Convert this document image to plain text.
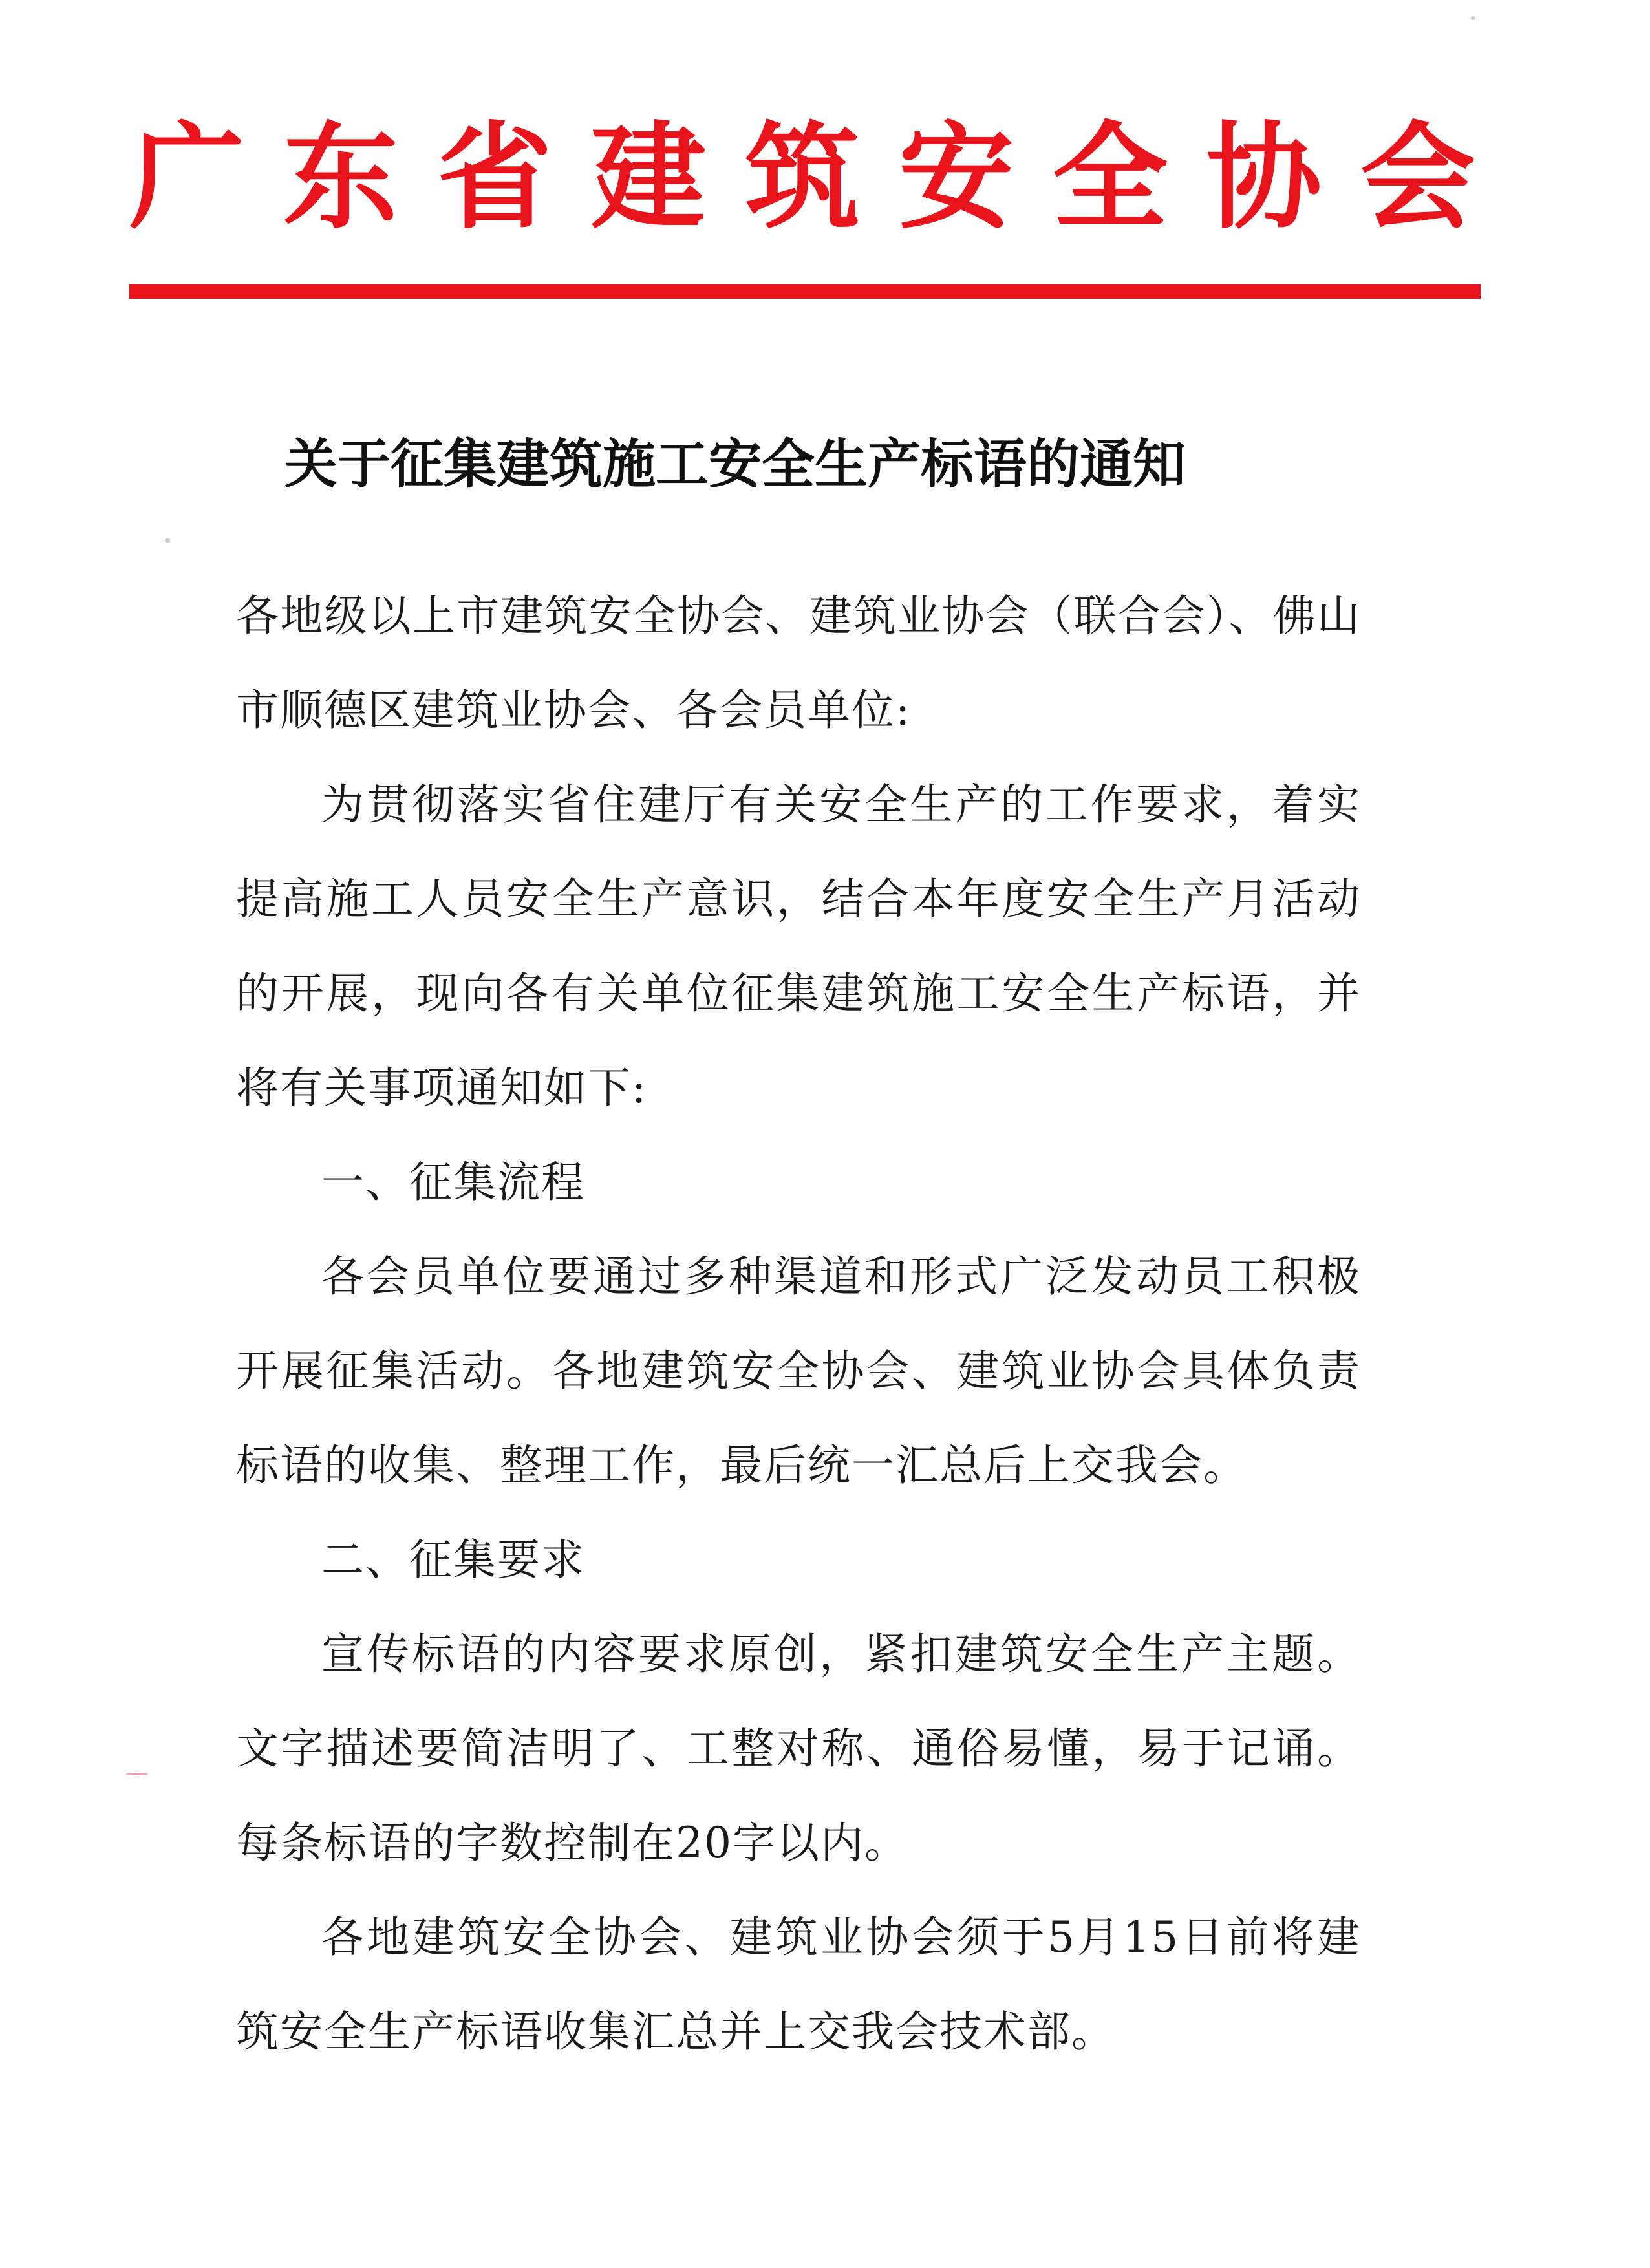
广东省建筑安全协会
关于征集建筑施工安全生产标语的通知

各地级以上市建筑安全协会、建筑业协会（联合会）、佛山市顺德区建筑业协会、各会员单位:

为贯彻落实省住建厅有关安全生产的工作要求，着实提高施工人员安全生产意识，结合本年度安全生产月活动的开展，现向各有关单位征集建筑施工安全生产标语，并将有关事项通知如下:

一、征集流程

各会员单位要通过多种渠道和形式广泛发动员工积极开展征集活动。各地建筑安全协会、建筑业协会具体负责标语的收集、整理工作，最后统一汇总后上交我会。

二、征集要求

宣传标语的内容要求原创，紧扣建筑安全生产主题。文字描述要简洁明了、工整对称、通俗易懂，易于记诵。每条标语的字数控制在20字以内。

各地建筑安全协会、建筑业协会须于5月15日前将建筑安全生产标语收集汇总并上交我会技术部。
